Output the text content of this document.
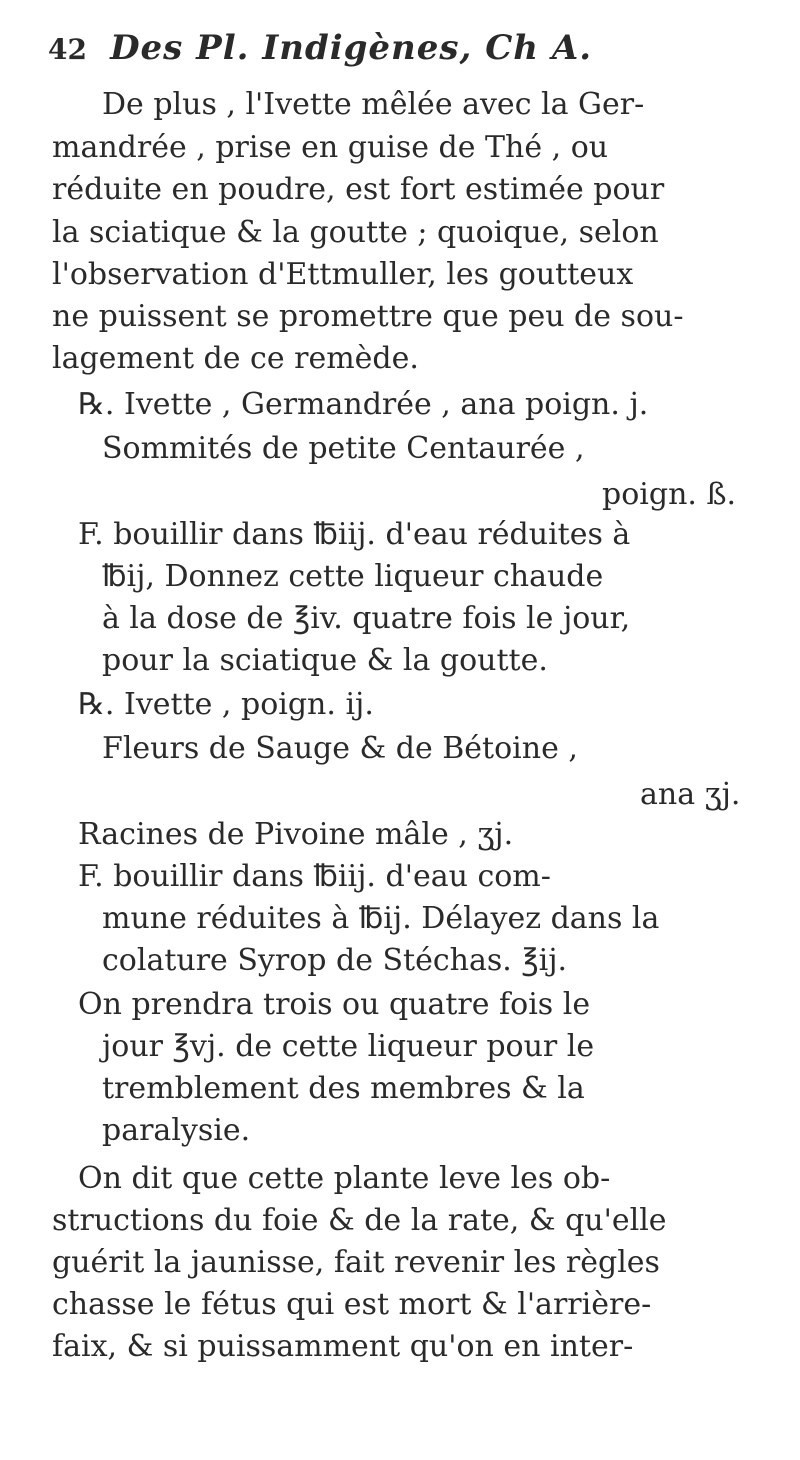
42 Des Pl. Indigènes, Ch A.
De plus , l'Ivette mêlée avec la Ger-
mandrée , prise en guise de Thé , ou
réduite en poudre, est fort estimée pour
la sciatique & la goutte ; quoique, selon
l'observation d'Ettmuller, les goutteux
ne puissent se promettre que peu de sou-
lagement de ce remède.
℞. Ivette , Germandrée , ana poign. j.
Sommités de petite Centaurée ,
poign. ß.
F. bouillir dans ℔iij. d'eau réduites à
℔ij, Donnez cette liqueur chaude
à la dose de ℥iv. quatre fois le jour,
pour la sciatique & la goutte.
℞. Ivette , poign. ij.
Fleurs de Sauge & de Bétoine ,
ana ʒj.
Racines de Pivoine mâle , ʒj.
F. bouillir dans ℔iij. d'eau com-
mune réduites à ℔ij. Délayez dans la
colature Syrop de Stéchas. ℥ij.
On prendra trois ou quatre fois le
jour ℥vj. de cette liqueur pour le
tremblement des membres & la
paralysie.
On dit que cette plante leve les ob-
structions du foie & de la rate, & qu'elle
guérit la jaunisse, fait revenir les règles
chasse le fétus qui est mort & l'arrière-
faix, & si puissamment qu'on en inter-
